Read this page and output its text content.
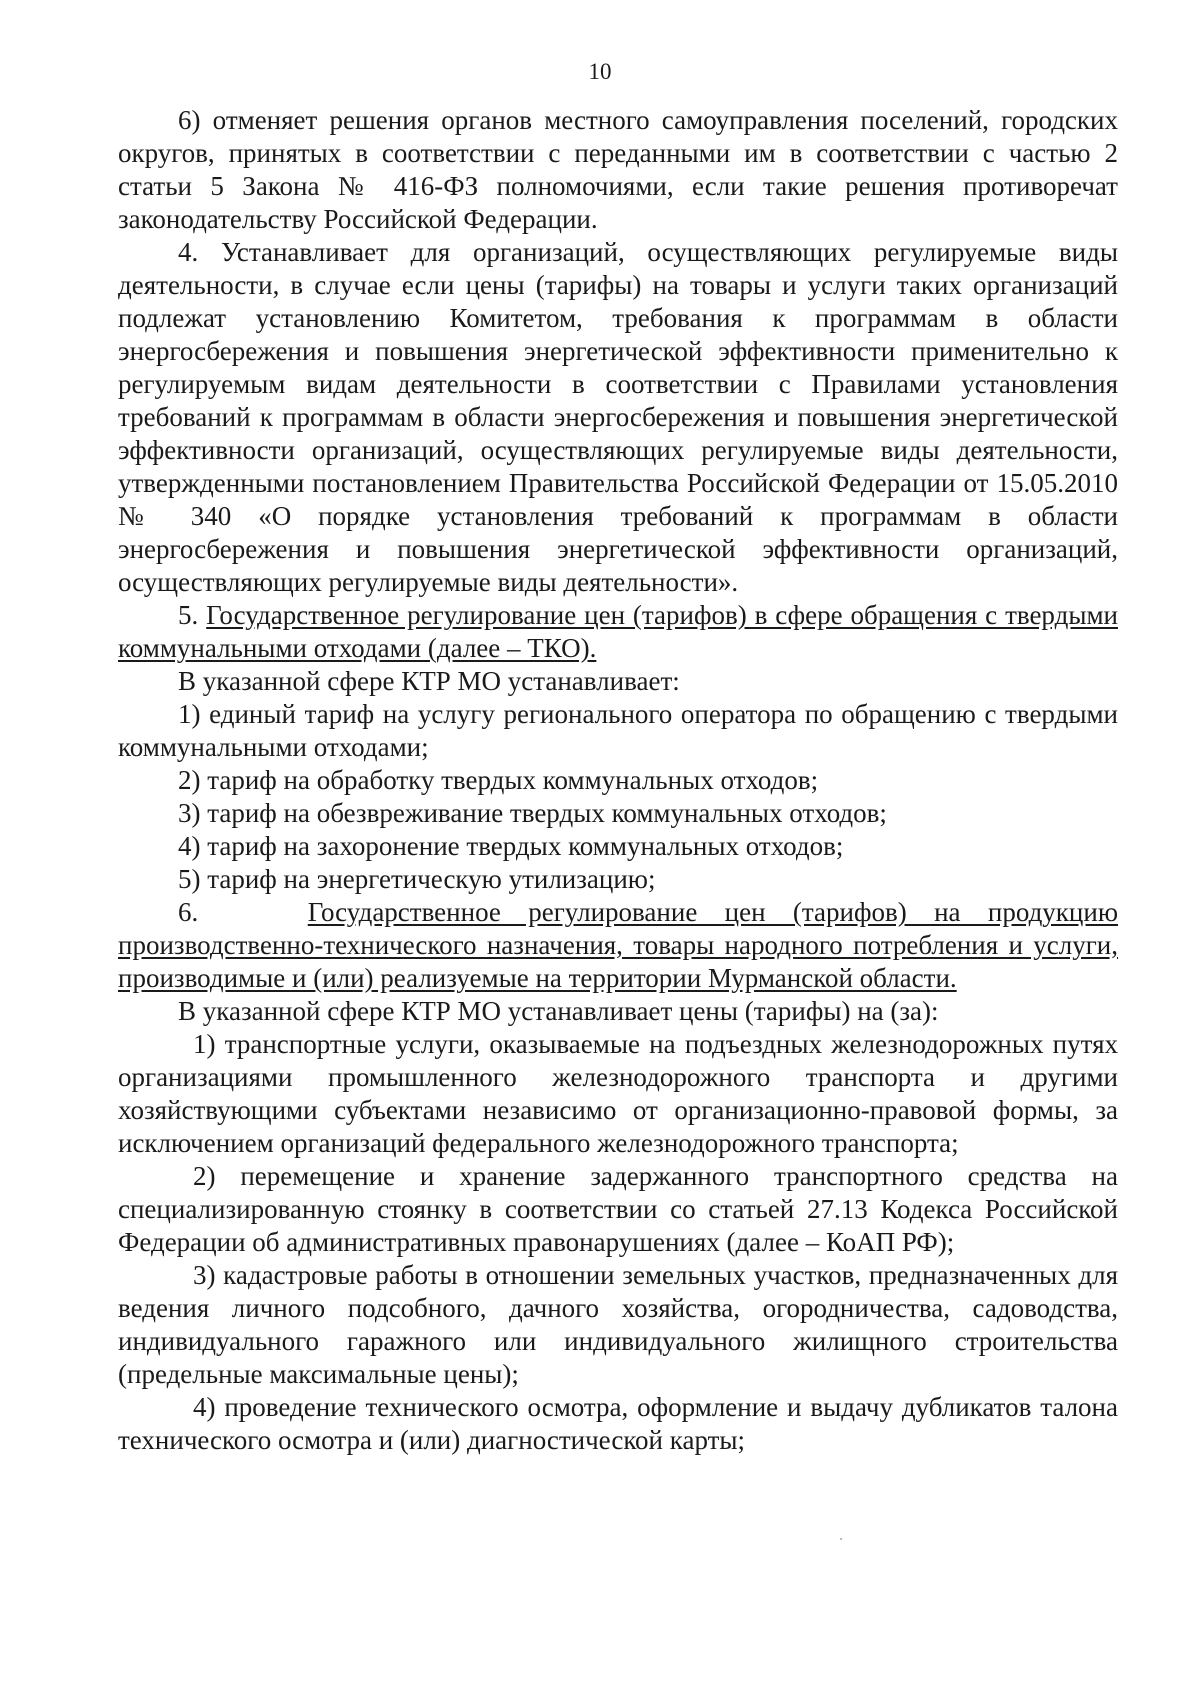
10

6) отменяет решения органов местного самоуправления поселений, городских округов, принятых в соответствии с переданными им в соответствии с частью 2 статьи 5 Закона № 416-ФЗ полномочиями, если такие решения противоречат законодательству Российской Федерации.

4. Устанавливает для организаций, осуществляющих регулируемые виды деятельности, в случае если цены (тарифы) на товары и услуги таких организаций подлежат установлению Комитетом, требования к программам в области энергосбережения и повышения энергетической эффективности применительно к регулируемым видам деятельности в соответствии с Правилами установления требований к программам в области энергосбережения и повышения энергетической эффективности организаций, осуществляющих регулируемые виды деятельности, утвержденными постановлением Правительства Российской Федерации от 15.05.2010 № 340 «О порядке установления требований к программам в области энергосбережения и повышения энергетической эффективности организаций, осуществляющих регулируемые виды деятельности».

5. Государственное регулирование цен (тарифов) в сфере обращения с твердыми коммунальными отходами (далее – ТКО).

В указанной сфере КТР МО устанавливает:

1) единый тариф на услугу регионального оператора по обращению с твердыми коммунальными отходами;

2) тариф на обработку твердых коммунальных отходов;

3) тариф на обезвреживание твердых коммунальных отходов;

4) тариф на захоронение твердых коммунальных отходов;

5) тариф на энергетическую утилизацию;

6.	Государственное регулирование цен (тарифов) на продукцию производственно-технического назначения, товары народного потребления и услуги, производимые и (или) реализуемые на территории Мурманской области.

В указанной сфере КТР МО устанавливает цены (тарифы) на (за):

1) транспортные услуги, оказываемые на подъездных железнодорожных путях организациями промышленного железнодорожного транспорта и другими хозяйствующими субъектами независимо от организационно-правовой формы, за исключением организаций федерального железнодорожного транспорта;

2) перемещение и хранение задержанного транспортного средства на специализированную стоянку в соответствии со статьей 27.13 Кодекса Российской Федерации об административных правонарушениях (далее – КоАП РФ);

3) кадастровые работы в отношении земельных участков, предназначенных для ведения личного подсобного, дачного хозяйства, огородничества, садоводства, индивидуального гаражного или индивидуального жилищного строительства (предельные максимальные цены);

4) проведение технического осмотра, оформление и выдачу дубликатов талона технического осмотра и (или) диагностической карты;
